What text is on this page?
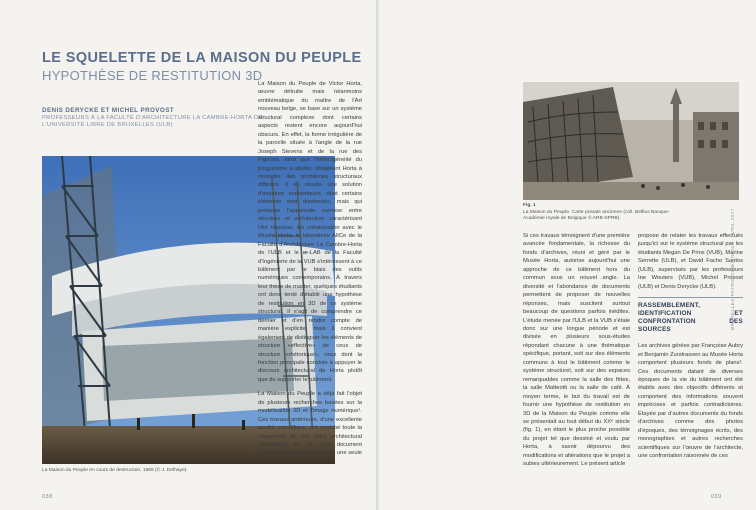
LE SQUELETTE DE LA MAISON DU PEUPLE
HYPOTHÈSE DE RESTITUTION 3D
DENIS DERYCKE ET MICHEL PROVOST
PROFESSEURS À LA FACULTÉ D'ARCHITECTURE LA CAMBRE-HORTA DE L'UNIVERSITÉ LIBRE DE BRUXELLES (ULB)
La Maison du Peuple en cours de destruction, 1965 (© J. Delhaye).
038

La Maison du Peuple de Victor Horta, œuvre détruite mais néanmoins emblématique du maître de l'Art nouveau belge, se base sur un système structural complexe dont certains aspects restent encore aujourd'hui obscurs. En effet, la forme irrégulière de la parcelle située à l'angle de la rue Joseph Stevens et de la rue des Pigeons, ainsi que l'hétérogénéité du programme à abriter, obligèrent Horta à résoudre des problèmes structuraux difficiles. Il en résulte une solution d'assature sophistiquée, dont certains éléments sont dissimulés, mais qui préserve l'apparente osmose entre structure et architecture caractérisant l'Art nouveau. En collaboration avec le Musée Horta, le laboratoire AlICe de la Faculté d'Architecture La Cambre-Horta de l'ULB et le æ-LAB de la Faculté d'Ingénierie de la VUB s'intéressent à ce bâtiment par le biais des outils numériques contemporains. À travers leur thèse de master, quelques étudiants ont donc tenté d'établir une hypothèse de restitution en 3D de ce système structural. Il s'agit de comprendre ce dernier et d'en rendre compte de manière explicite, mais il convient également de distinguer les éléments de structure «effective» de ceux de structure «rhétorique», ceux dont la fonction principale consiste à appuyer le discours architectural de Horta plutôt que de supporter le bâtiment.

La Maison du Peuple a déjà fait l'objet de plusieurs recherches basées sur la modélisation 3D et l'image numérique¹. Ces travaux antérieurs, d'une excellente qualité scientifique, ont englobé toute la complexité de cet objet architectural sophistiqué en un seul document numérique tridimensionnel, en une seule étude.

Fig. 1
La Maison du Peuple. Carte postale ancienne (coll. Belfius Banque-Académie royale de Belgique © ARB-SPRB).

Si ces travaux témoignent d'une première avancée fondamentale, la richesse du fonds d'archives, réuni et géré par le Musée Horta, autorise aujourd'hui une approche de ce bâtiment hors du commun sous un nouvel angle. La diversité et l'abondance de documents permettent de proposer de nouvelles réponses, mais suscitent surtout beaucoup de questions parfois inédites. L'étude menée par l'ULB et la VUB s'étale donc sur une longue période et est divisée en plusieurs sous-études répondant chacune à une thématique spécifique, portant, soit sur des éléments communs à tout le bâtiment comme le système structurel, soit sur des espaces remarquables comme la salle des fêtes, la salle Matteotti ou la salle de café. À moyen terme, le but du travail est de fournir une hypothèse de restitution en 3D de la Maison du Peuple comme elle se présentait au tout début du XXᵉ siècle (fig. 1), en étant le plus proche possible du projet tel que dessiné et voulu par Horta, à savoir dépourvu des modifications et altérations que le projet a subies ultérieurement. Le présent article

propose de relater les travaux effectués jusqu'ici sur le système structural par les étudiants Megan De Prins (VUB), Marine Serrette (ULB), et David Facho Santos (ULB), supervisés par les professeurs Ine Wouters (VUB), Michel Provost (ULB) et Denis Derycke (ULB).

RASSEMBLEMENT, IDENTIFICATION ET CONFRONTATION DES SOURCES

Les archives gérées par Françoise Aubry et Benjamin Zurstrassen au Musée Horta comportent plusieurs fonds de plans². Ces documents datant de diverses époques de la vie du bâtiment ont été établis avec des objectifs différents et comportent des informations souvent imprécises et parfois contradictoires. Étayée par d'autres documents du fonds d'archives comme des photos d'époques, des témoignages écrits, des monographies et autres recherches scientifiques sur l'œuvre de l'architecte, une confrontation raisonnée de ces

BRUXELLES PATRIMOINES N°023 - AVRIL 2017
039
